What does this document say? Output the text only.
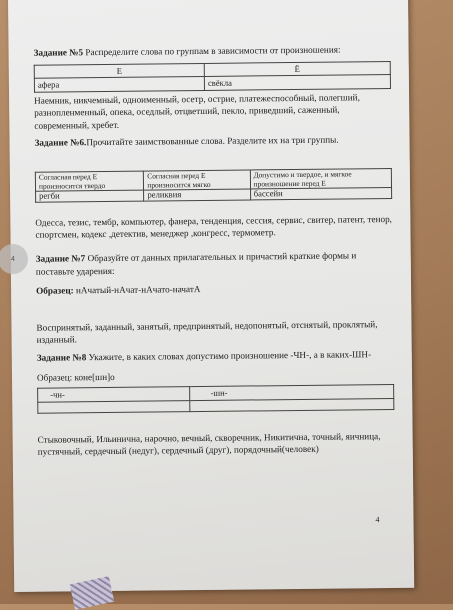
Задание №5 Распределите слова по группам в зависимости от произношения:
Е	Ё
афера	свёкла
Наемник, никчемный, одноименный, осетр, острие, платежеспособный, полегший, разнопленменный, опека, оседлый, отцветший, пекло, приведший, саженный, современный, хребет.
Задание №6.Прочитайте заимствованные слова. Разделите их на три группы.
Согласная перед Е произносится твердо	Согласная перед Е произносится мягко	Допустимо и твердое, и мягкое произношение перед Е
регби	реликвия	бассейн
Одесса, тезис, тембр, компьютер, фанера, тенденция, сессия, сервис, свитер, патент, тенор, спортсмен, кодекс ,детектив, менеджер ,конгресс, термометр.
Задание №7 Образуйте от данных прилагательных и причастий краткие формы и поставьте ударения:
Образец: нАчатый-нАчат-нАчато-начатА
Воспринятый, заданный, занятый, предпринятый, недопонятый, отснятый, проклятый, изданный.
Задание №8 Укажите, в каких словах допустимо произношение -ЧН-, а в каких-ШН-
Образец: коне[шн]о
-чн-	-шн-

Стыковочный, Ильинична, нарочно, вечный, скворечник, Никитична, точный, яичница, пустячный, сердечный (недуг), сердечный (друг), порядочный(человек)
4
4
